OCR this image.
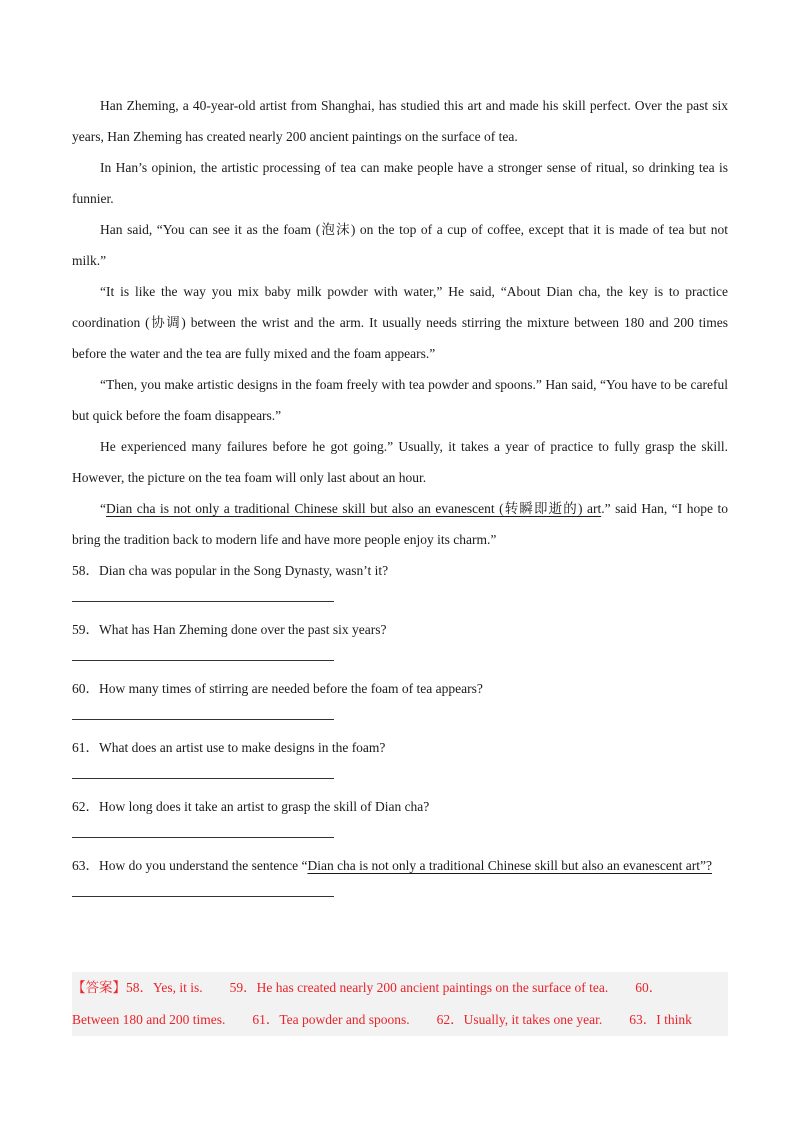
Han Zheming, a 40-year-old artist from Shanghai, has studied this art and made his skill perfect. Over the past six years, Han Zheming has created nearly 200 ancient paintings on the surface of tea.

In Han’s opinion, the artistic processing of tea can make people have a stronger sense of ritual, so drinking tea is funnier.

Han said, “You can see it as the foam (泡沫) on the top of a cup of coffee, except that it is made of tea but not milk.”

“It is like the way you mix baby milk powder with water,” He said, “About Dian cha, the key is to practice coordination (协调) between the wrist and the arm. It usually needs stirring the mixture between 180 and 200 times before the water and the tea are fully mixed and the foam appears.”

“Then, you make artistic designs in the foam freely with tea powder and spoons.” Han said, “You have to be careful but quick before the foam disappears.”

He experienced many failures before he got going.” Usually, it takes a year of practice to fully grasp the skill. However, the picture on the tea foam will only last about an hour.

“Dian cha is not only a traditional Chinese skill but also an evanescent (转瞬即逝的) art.” said Han, “I hope to bring the tradition back to modern life and have more people enjoy its charm.”

58．Dian cha was popular in the Song Dynasty, wasn’t it?

59．What has Han Zheming done over the past six years?

60．How many times of stirring are needed before the foam of tea appears?

61．What does an artist use to make designs in the foam?

62．How long does it take an artist to grasp the skill of Dian cha?

63．How do you understand the sentence “Dian cha is not only a traditional Chinese skill but also an evanescent art”?

【答案】58．Yes, it is. 59．He has created nearly 200 ancient paintings on the surface of tea. 60．
Between 180 and 200 times. 61．Tea powder and spoons. 62．Usually, it takes one year. 63．I think
